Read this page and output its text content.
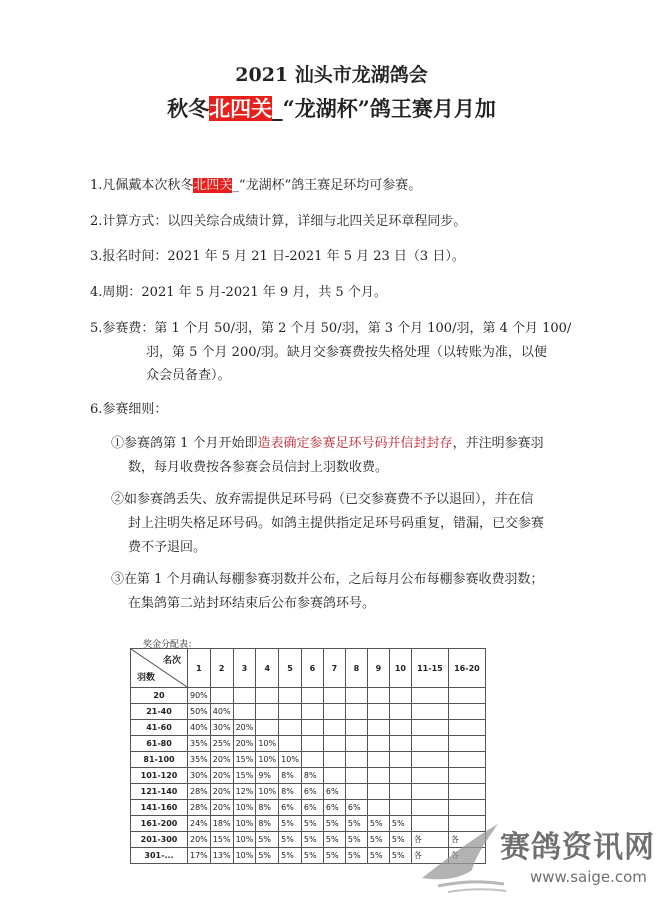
2021 汕头市龙湖鸽会
秋冬北四关_“龙湖杯”鸽王赛月月加
1.凡佩戴本次秋冬北四关_“龙湖杯”鸽王赛足环均可参赛。
2.计算方式：以四关综合成绩计算，详细与北四关足环章程同步。
3.报名时间：2021 年 5 月 21 日-2021 年 5 月 23 日（3 日）。
4.周期：2021 年 5 月-2021 年 9 月，共 5 个月。
5.参赛费：第 1 个月 50/羽，第 2 个月 50/羽，第 3 个月 100/羽，第 4 个月 100/
羽，第 5 个月 200/羽。缺月交参赛费按失格处理（以转账为准，以便
众会员备查）。
6.参赛细则：
①参赛鸽第 1 个月开始即造表确定参赛足环号码并信封封存，并注明参赛羽
数，每月收费按各参赛会员信封上羽数收费。
②如参赛鸽丢失、放弃需提供足环号码（已交参赛费不予以退回），并在信
封上注明失格足环号码。如鸽主提供指定足环号码重复，错漏，已交参赛
费不予退回。
③在第 1 个月确认每棚参赛羽数并公布，之后每月公布每棚参赛收费羽数；
在集鸽第二站封环结束后公布参赛鸽环号。
奖金分配表：
名次
羽数	1	2	3	4	5	6	7	8	9	10	11-15	16-20
20	90%											
21-40	50%	40%										
41-60	40%	30%	20%									
61-80	35%	25%	20%	10%								
81-100	35%	20%	15%	10%	10%							
101-120	30%	20%	15%	9%	8%	8%						
121-140	28%	20%	12%	10%	8%	6%	6%					
141-160	28%	20%	10%	8%	6%	6%	6%	6%				
161-200	24%	18%	10%	8%	5%	5%	5%	5%	5%	5%		
201-300	20%	15%	10%	5%	5%	5%	5%	5%	5%	5%	各	各
301-...	17%	13%	10%	5%	5%	5%	5%	5%	5%	5%	各		赛鸽资讯网
www.saige.com
